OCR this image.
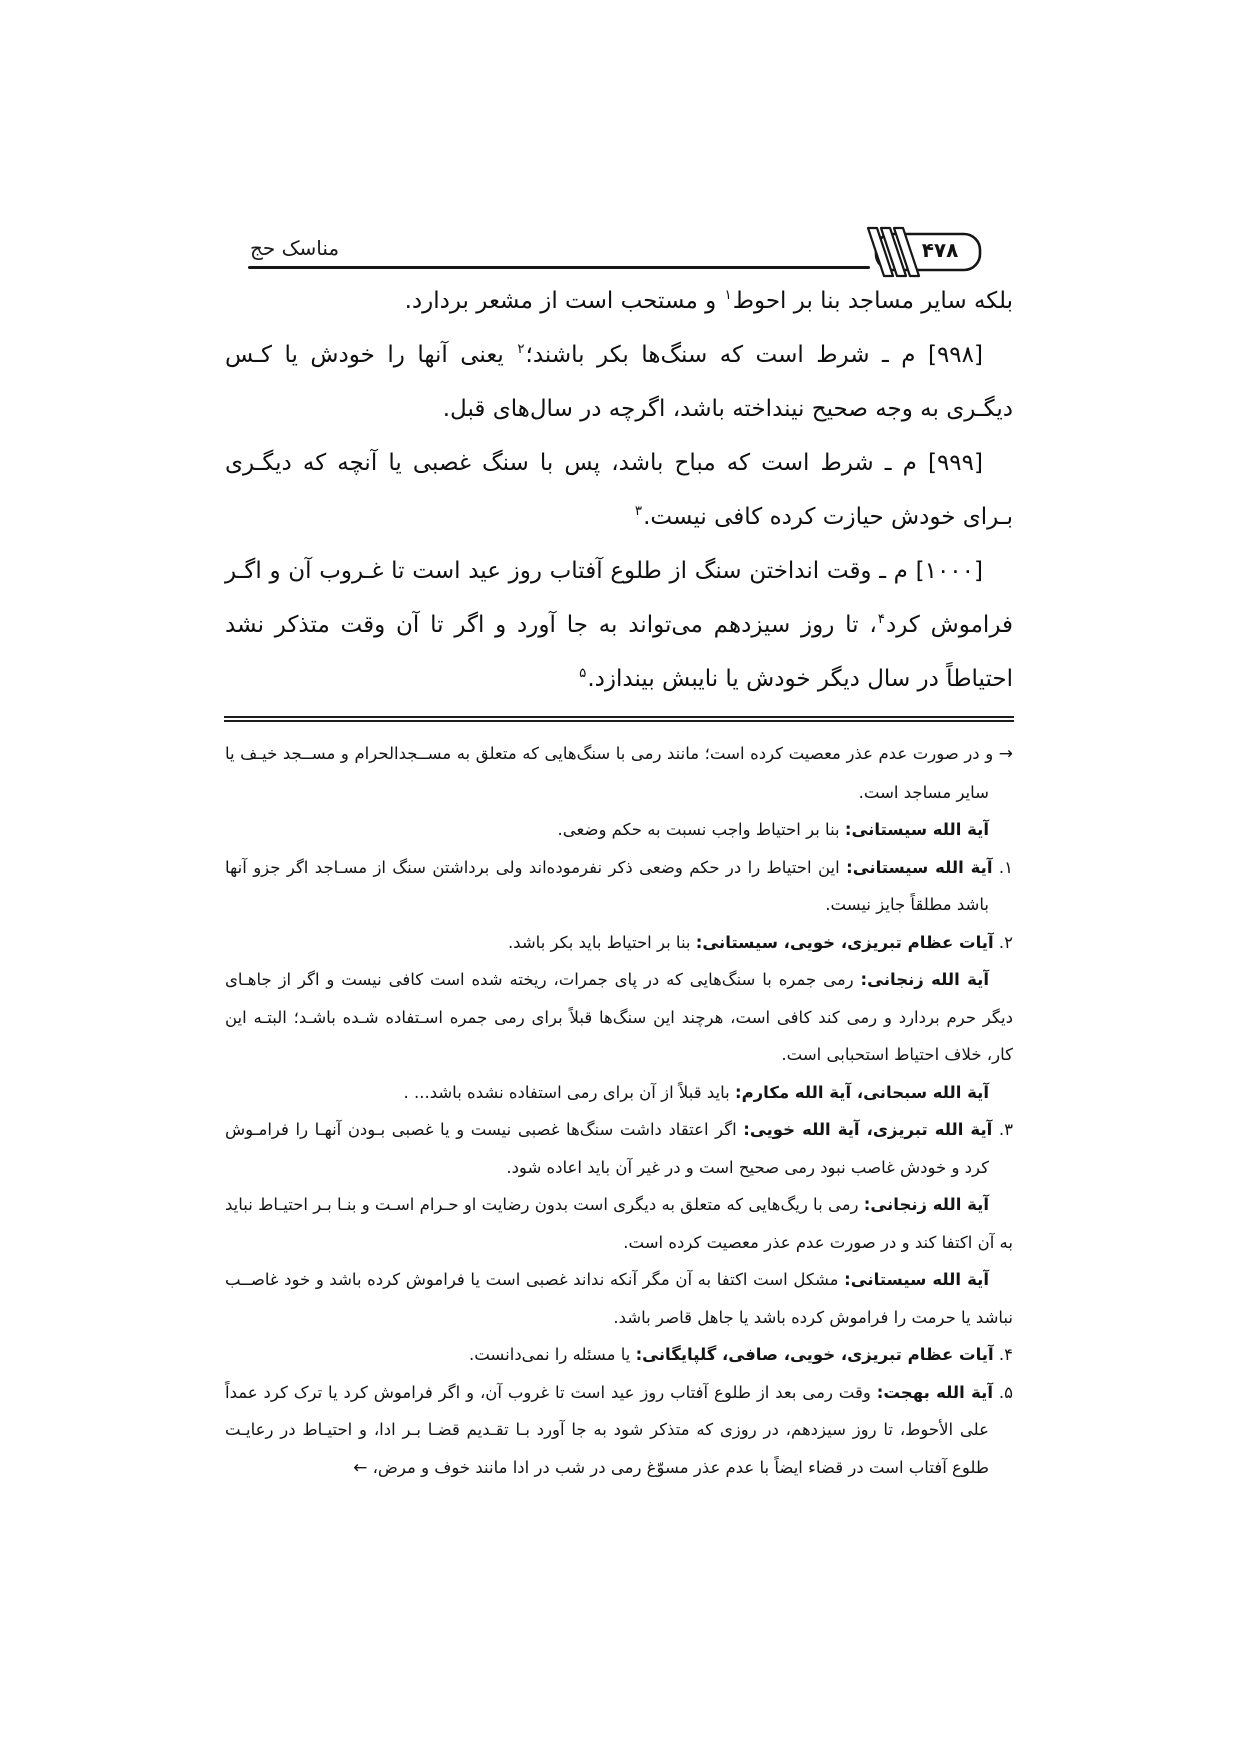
مناسک حج	۴۷۸

بلکه سایر مساجد بنا بر احوط$^۱$ و مستحب است از مشعر بردارد.

[۹۹۸] م ـ شرط است که سنگ‌ها بکر باشند؛$^۲$ یعنی آنها را خودش یا کـس دیگـری به وجه صحیح نینداخته باشد، اگرچه در سال‌های قبل.

[۹۹۹] م ـ شرط است که مباح باشد، پس با سنگ غصبی یا آنچه که دیگـری بـرای خودش حیازت کرده کافی نیست.$^۳$

[۱۰۰۰] م ـ وقت انداختن سنگ از طلوع آفتاب روز عید است تا غـروب آن و اگـر فراموش کرد$^۴$، تا روز سیزدهم می‌تواند به جا آورد و اگر تا آن وقت متذکر نشد احتیاطاً در سال دیگر خودش یا نایبش بیندازد.$^۵$

→ و در صورت عدم عذر معصیت کرده است؛ مانند رمی با سنگ‌هایی که متعلق به مســجدالحرام و مســجد خیـف یا سایر مساجد است.

آیة الله سیستانی: بنا بر احتیاط واجب نسبت به حکم وضعی.

۱. آیة الله سیستانی: این احتیاط را در حکم وضعی ذکر نفرموده‌اند ولی برداشتن سنگ از مسـاجد اگر جزو آنها باشد مطلقاً جایز نیست.

۲. آیات عظام تبریزی، خویی، سیستانی: بنا بر احتیاط باید بکر باشد.

آیة الله زنجانی: رمی جمره با سنگ‌هایی که در پای جمرات، ریخته شده است کافی نیست و اگر از جاهـای دیگر حرم بردارد و رمی کند کافی است، هرچند این سنگ‌ها قبلاً برای رمی جمره اسـتفاده شـده باشـد؛ البتـه این کار، خلاف احتیاط استحبابی است.

آیة الله سبحانی، آیة الله مکارم: باید قبلاً از آن برای رمی استفاده نشده باشد... .

۳. آیة الله تبریزی، آیة الله خویی: اگر اعتقاد داشت سنگ‌ها غصبی نیست و یا غصبی بـودن آنهـا را فرامـوش کرد و خودش غاصب نبود رمی صحیح است و در غیر آن باید اعاده شود.

آیة الله زنجانی: رمی با ریگ‌هایی که متعلق به دیگری است بدون رضایت او حـرام اسـت و بنـا بـر احتیـاط نباید به آن اکتفا کند و در صورت عدم عذر معصیت کرده است.

آیة الله سیستانی: مشکل است اکتفا به آن مگر آنکه نداند غصبی است یا فراموش کرده باشد و خود غاصــب نباشد یا حرمت را فراموش کرده باشد یا جاهل قاصر باشد.

۴. آیات عظام تبریزی، خویی، صافی، گلپایگانی: یا مسئله را نمی‌دانست.

۵. آیة الله بهجت: وقت رمی بعد از طلوع آفتاب روز عید است تا غروب آن، و اگر فراموش کرد یا ترک کرد عمداً علی الأحوط، تا روز سیزدهم، در روزی که متذکر شود به جا آورد بـا تقـدیم قضـا بـر ادا، و احتیـاط در رعایـت طلوع آفتاب است در قضاء ایضاً با عدم عذر مسوّغ رمی در شب در ادا مانند خوف و مرض، ←
